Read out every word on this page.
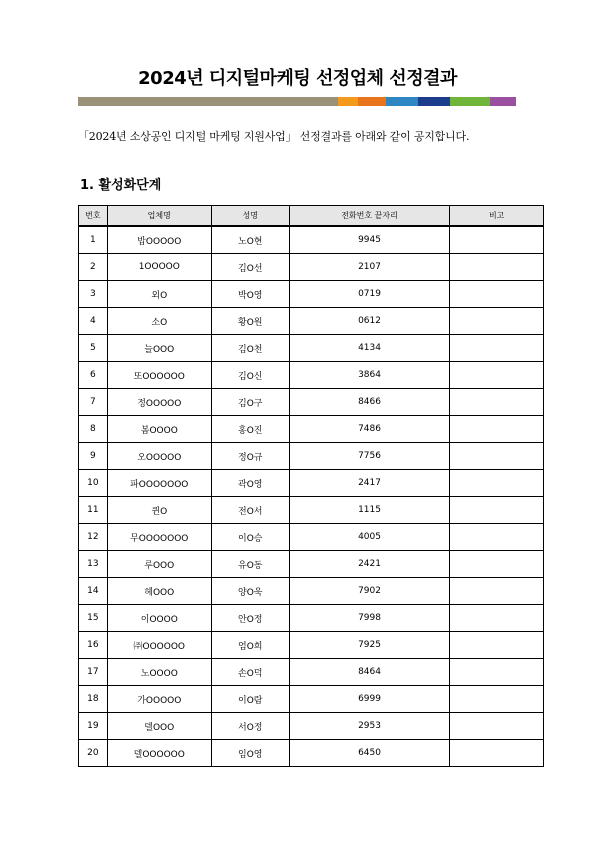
2024년 디지털마케팅 선정업체 선정결과
「2024년 소상공인 디지털 마케팅 지원사업」 선정결과를 아래와 같이 공지합니다.
1. 활성화단계
번호	업체명	성명	전화번호 끝자리	비고
1	밥OOOOO	노O현	9945	
2	1OOOOO	김O선	2107	
3	외O	박O영	0719	
4	소O	황O원	0612	
5	늘OOO	김O천	4134	
6	또OOOOOO	김O신	3864	
7	정OOOOO	김O구	8466	
8	봄OOOO	홍O진	7486	
9	오OOOOO	정O규	7756	
10	파OOOOOOO	곽O영	2417	
11	퀸O	전O서	1115	
12	무OOOOOOO	이O승	4005	
13	루OOO	유O동	2421	
14	헤OOO	양O욱	7902	
15	이OOOO	안O정	7998	
16	㈜OOOOOO	엄O희	7925	
17	노OOOO	손O덕	8464	
18	가OOOOO	이O람	6999	
19	델OOO	서O정	2953	
20	델OOOOOO	임O영	6450	
